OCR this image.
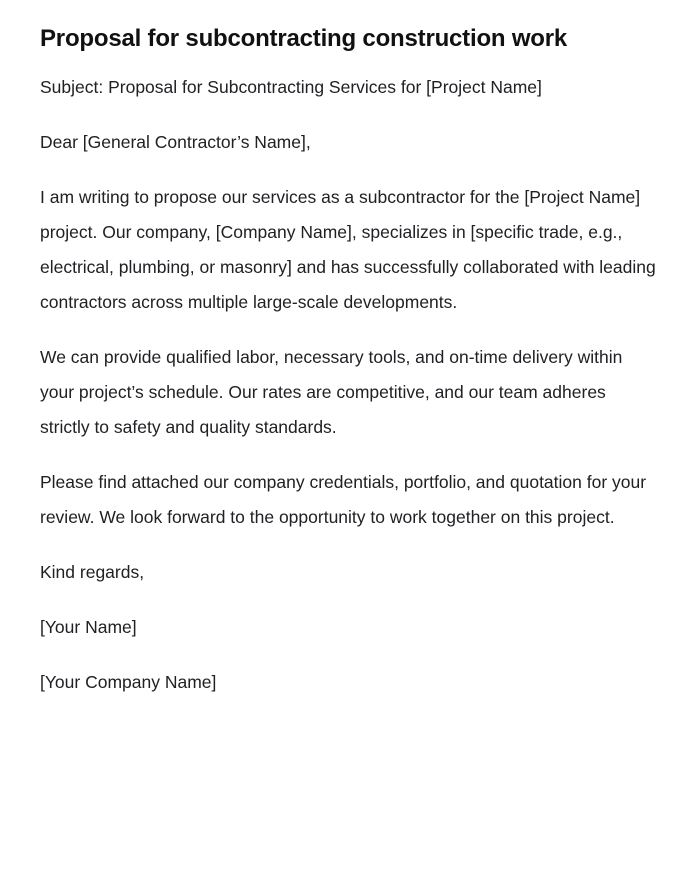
Proposal for subcontracting construction work

Subject: Proposal for Subcontracting Services for [Project Name]

Dear [General Contractor’s Name],

I am writing to propose our services as a subcontractor for the [Project Name] project. Our company, [Company Name], specializes in [specific trade, e.g., electrical, plumbing, or masonry] and has successfully collaborated with leading contractors across multiple large-scale developments.

We can provide qualified labor, necessary tools, and on-time delivery within your project’s schedule. Our rates are competitive, and our team adheres strictly to safety and quality standards.

Please find attached our company credentials, portfolio, and quotation for your review. We look forward to the opportunity to work together on this project.

Kind regards,

[Your Name]

[Your Company Name]
